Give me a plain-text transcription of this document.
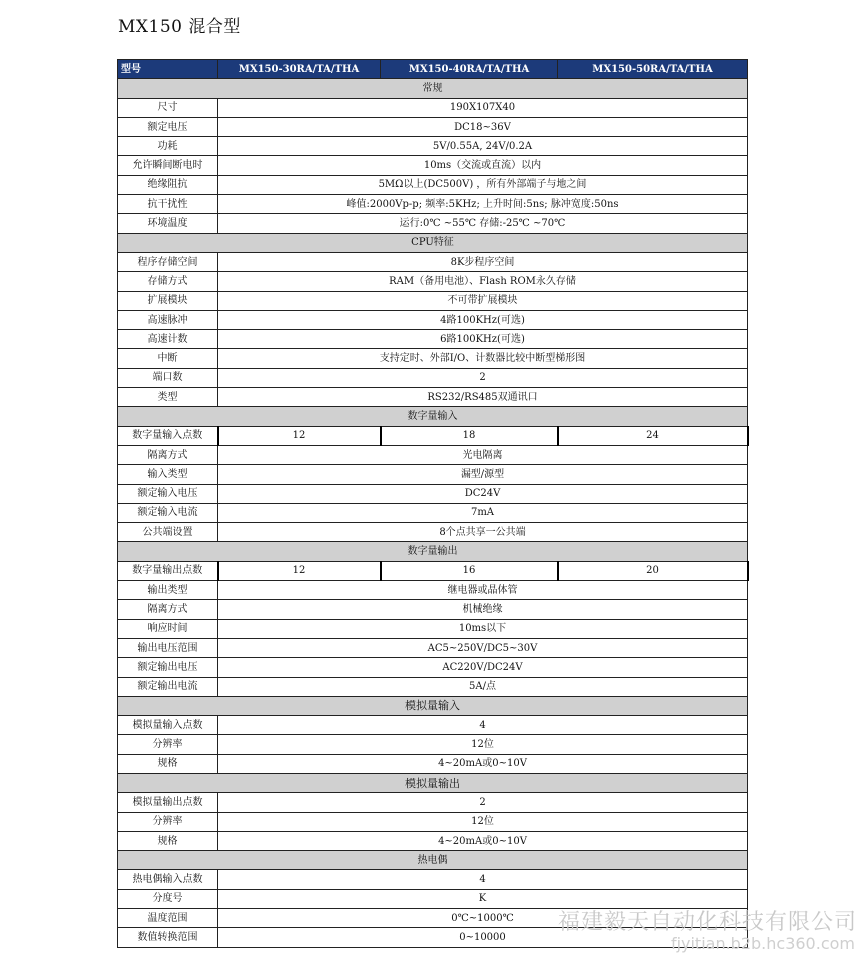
MX150 混合型
型号	MX150-30RA/TA/THA	MX150-40RA/TA/THA	MX150-50RA/TA/THA
常规			
尺寸	190X107X40		
额定电压	DC18~36V		
功耗	5V/0.55A, 24V/0.2A		
允许瞬间断电时	10ms（交流或直流）以内		
绝缘阻抗	5MΩ以上(DC500V) ，所有外部端子与地之间		
抗干扰性	峰值:2000Vp-p; 频率:5KHz; 上升时间:5ns; 脉冲宽度:50ns		
环境温度	运行:0℃ ~55℃ 存储:-25℃ ~70℃		
CPU特征			
程序存储空间	8K步程序空间		
存储方式	RAM（备用电池）、Flash ROM永久存储		
扩展模块	不可带扩展模块		
高速脉冲	4路100KHz(可选)		
高速计数	6路100KHz(可选)		
中断	支持定时、外部I/O、计数器比较中断型梯形图		
端口数	2		
类型	RS232/RS485双通讯口		
数字量输入			
数字量输入点数	12	18	24
隔离方式	光电隔离		
输入类型	漏型/源型		
额定输入电压	DC24V		
额定输入电流	7mA		
公共端设置	8个点共享一公共端		
数字量输出			
数字量输出点数	12	16	20
输出类型	继电器或晶体管		
隔离方式	机械绝缘		
响应时间	10ms以下		
输出电压范围	AC5~250V/DC5~30V		
额定输出电压	AC220V/DC24V		
额定输出电流	5A/点		
模拟量输入			
模拟量输入点数	4		
分辨率	12位		
规格	4~20mA或0~10V		
模拟量输出			
模拟量输出点数	2		
分辨率	12位		
规格	4~20mA或0~10V		
热电偶			
热电偶输入点数	4		
分度号	K		
温度范围	0℃~1000℃		
数值转换范围	0~10000		
福建毅天自动化科技有限公司
fjyitian.b2b.hc360.com
